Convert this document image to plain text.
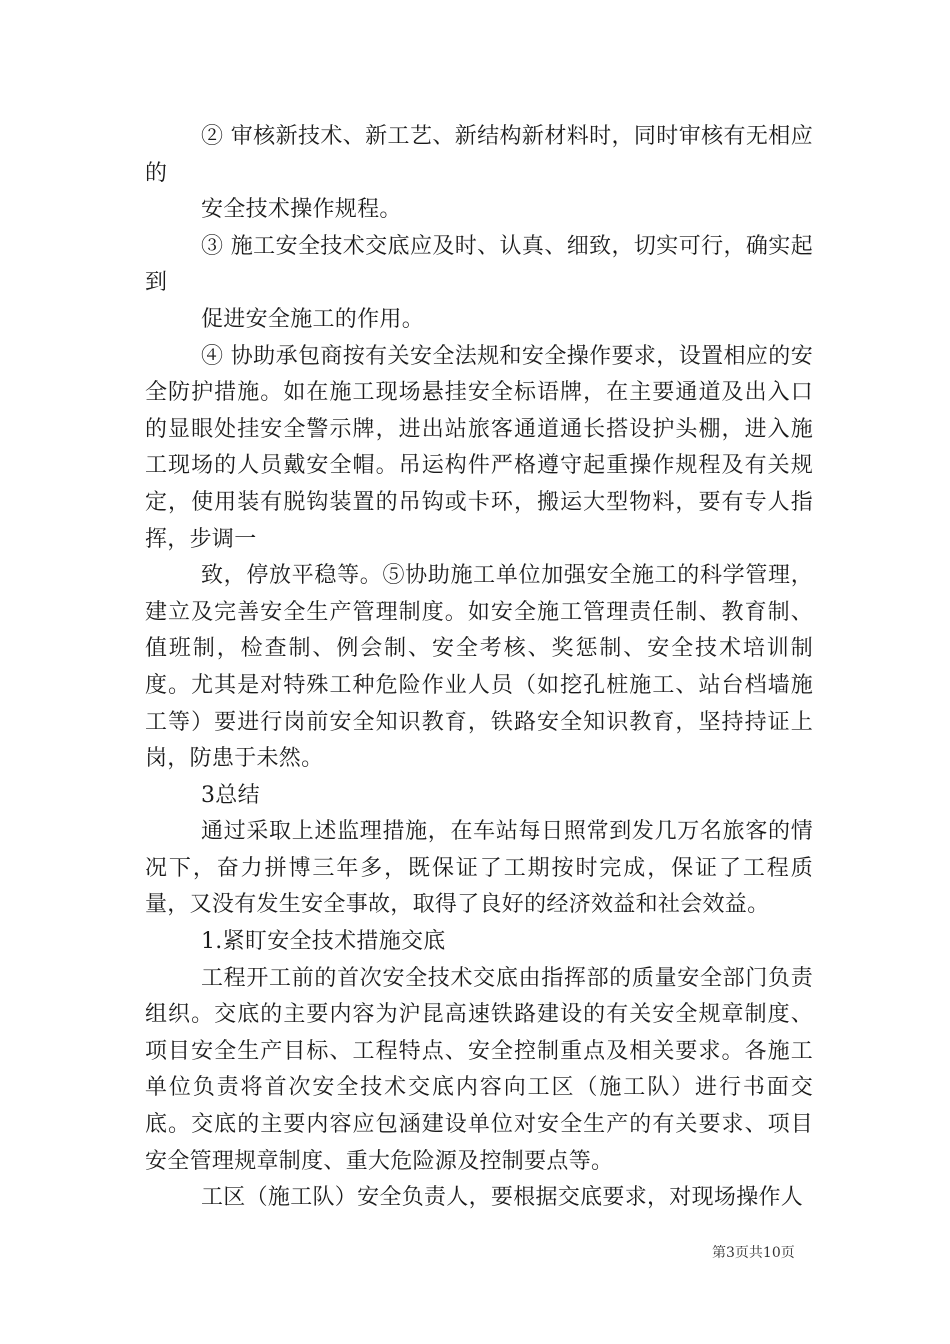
② 审核新技术、新工艺、新结构新材料时，同时审核有无相应的

安全技术操作规程。

③ 施工安全技术交底应及时、认真、细致，切实可行，确实起到

促进安全施工的作用。

④ 协助承包商按有关安全法规和安全操作要求，设置相应的安全防护措施。如在施工现场悬挂安全标语牌，在主要通道及出入口的显眼处挂安全警示牌，进出站旅客通道通长搭设护头棚，进入施工现场的人员戴安全帽。吊运构件严格遵守起重操作规程及有关规定，使用装有脱钩装置的吊钩或卡环，搬运大型物料，要有专人指挥，步调一

致，停放平稳等。⑤协助施工单位加强安全施工的科学管理，建立及完善安全生产管理制度。如安全施工管理责任制、教育制、值班制，检查制、例会制、安全考核、奖惩制、安全技术培训制度。尤其是对特殊工种危险作业人员（如挖孔桩施工、站台档墙施工等）要进行岗前安全知识教育，铁路安全知识教育，坚持持证上岗，防患于未然。

3总结

通过采取上述监理措施，在车站每日照常到发几万名旅客的情况下，奋力拼博三年多，既保证了工期按时完成，保证了工程质量，又没有发生安全事故，取得了良好的经济效益和社会效益。

1.紧盯安全技术措施交底

工程开工前的首次安全技术交底由指挥部的质量安全部门负责组织。交底的主要内容为沪昆高速铁路建设的有关安全规章制度、项目安全生产目标、工程特点、安全控制重点及相关要求。各施工单位负责将首次安全技术交底内容向工区（施工队）进行书面交底。交底的主要内容应包涵建设单位对安全生产的有关要求、项目安全管理规章制度、重大危险源及控制要点等。

工区（施工队）安全负责人，要根据交底要求，对现场操作人

第3页共10页
